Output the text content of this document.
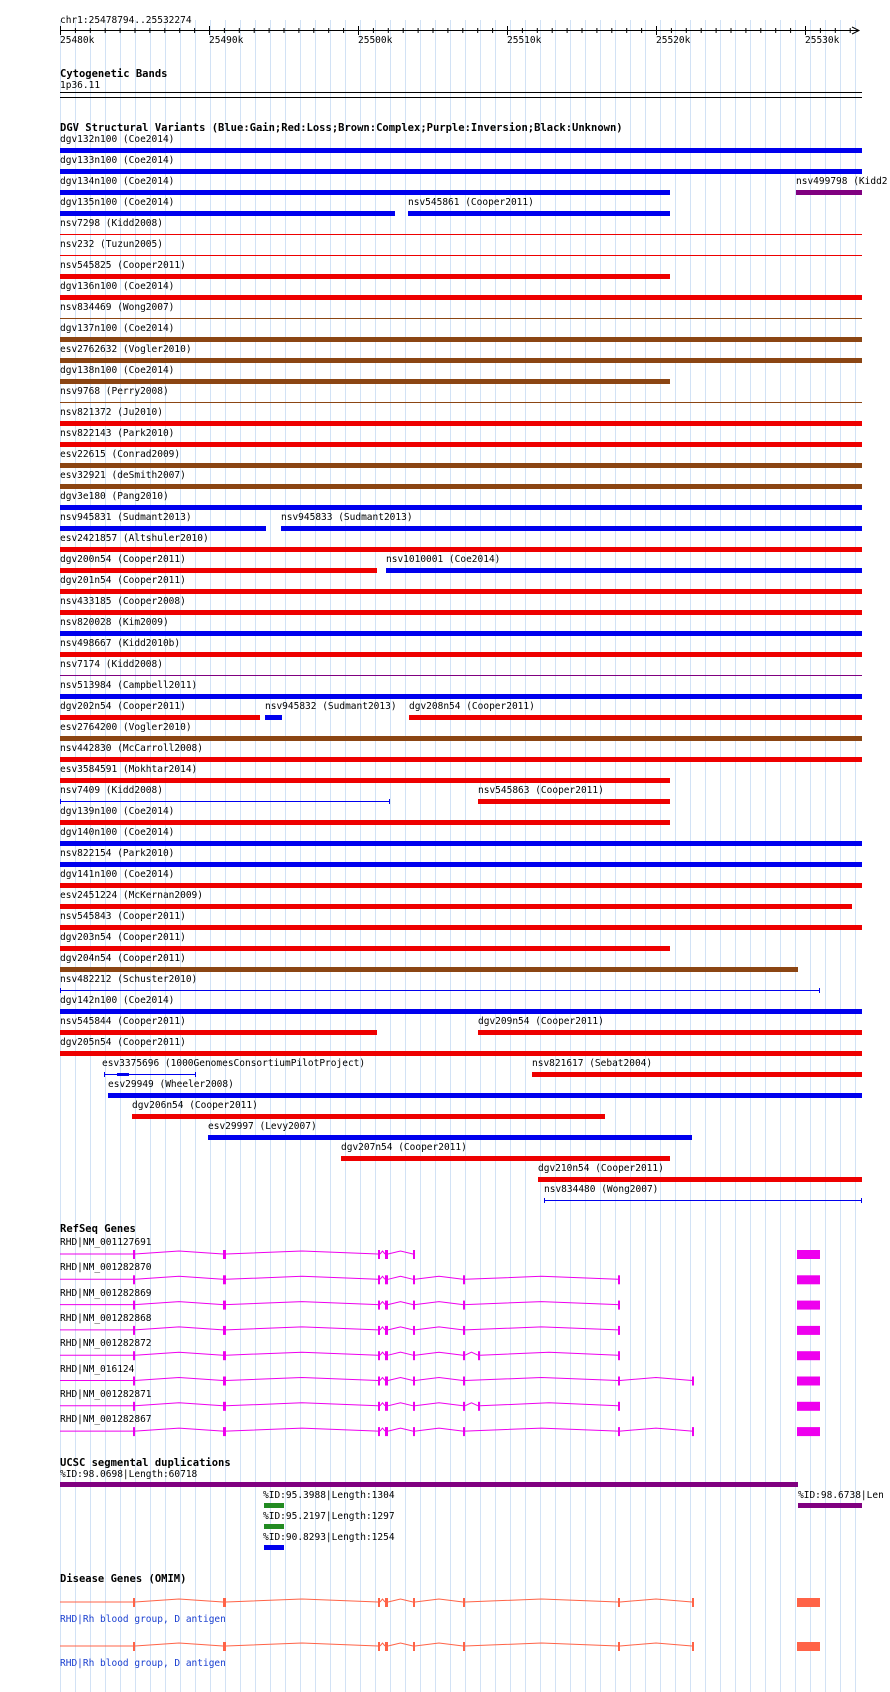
chr1:25478794..25532274
25480k	25490k	25500k	25510k	25520k	25530k
Cytogenetic Bands
1p36.11
DGV Structural Variants (Blue:Gain;Red:Loss;Brown:Complex;Purple:Inversion;Black:Unknown)
dgv132n100 (Coe2014)
dgv133n100 (Coe2014)
dgv134n100 (Coe2014)	nsv499798 (Kidd2
dgv135n100 (Coe2014)	nsv545861 (Cooper2011)
nsv7298 (Kidd2008)
nsv232 (Tuzun2005)
nsv545825 (Cooper2011)
dgv136n100 (Coe2014)
nsv834469 (Wong2007)
dgv137n100 (Coe2014)
esv2762632 (Vogler2010)
dgv138n100 (Coe2014)
nsv9768 (Perry2008)
nsv821372 (Ju2010)
nsv822143 (Park2010)
esv22615 (Conrad2009)
esv32921 (deSmith2007)
dgv3e180 (Pang2010)
nsv945831 (Sudmant2013)	nsv945833 (Sudmant2013)
esv2421857 (Altshuler2010)
dgv200n54 (Cooper2011)	nsv1010001 (Coe2014)
dgv201n54 (Cooper2011)
nsv433185 (Cooper2008)
nsv820028 (Kim2009)
nsv498667 (Kidd2010b)
nsv7174 (Kidd2008)
nsv513984 (Campbell2011)
dgv202n54 (Cooper2011)	nsv945832 (Sudmant2013) dgv208n54 (Cooper2011)
esv2764200 (Vogler2010)
nsv442830 (McCarroll2008)
esv3584591 (Mokhtar2014)
nsv7409 (Kidd2008)	nsv545863 (Cooper2011)
dgv139n100 (Coe2014)
dgv140n100 (Coe2014)
nsv822154 (Park2010)
dgv141n100 (Coe2014)
esv2451224 (McKernan2009)
nsv545843 (Cooper2011)
dgv203n54 (Cooper2011)
dgv204n54 (Cooper2011)
nsv482212 (Schuster2010)
dgv142n100 (Coe2014)
nsv545844 (Cooper2011)	dgv209n54 (Cooper2011)
dgv205n54 (Cooper2011)
esv3375696 (1000GenomesConsortiumPilotProject)	nsv821617 (Sebat2004)
esv29949 (Wheeler2008)
dgv206n54 (Cooper2011)
esv29997 (Levy2007)
dgv207n54 (Cooper2011)
dgv210n54 (Cooper2011)
nsv834480 (Wong2007)
RefSeq Genes
RHD|NM_001127691
RHD|NM_001282870
RHD|NM_001282869
RHD|NM_001282868
RHD|NM_001282872
RHD|NM_016124
RHD|NM_001282871
RHD|NM_001282867
UCSC segmental duplications
%ID:98.0698|Length:60718
%ID:98.6738|Len
%ID:95.3988|Length:1304
%ID:95.2197|Length:1297
%ID:90.8293|Length:1254
Disease Genes (OMIM)
RHD|Rh blood group, D antigen
RHD|Rh blood group, D antigen
